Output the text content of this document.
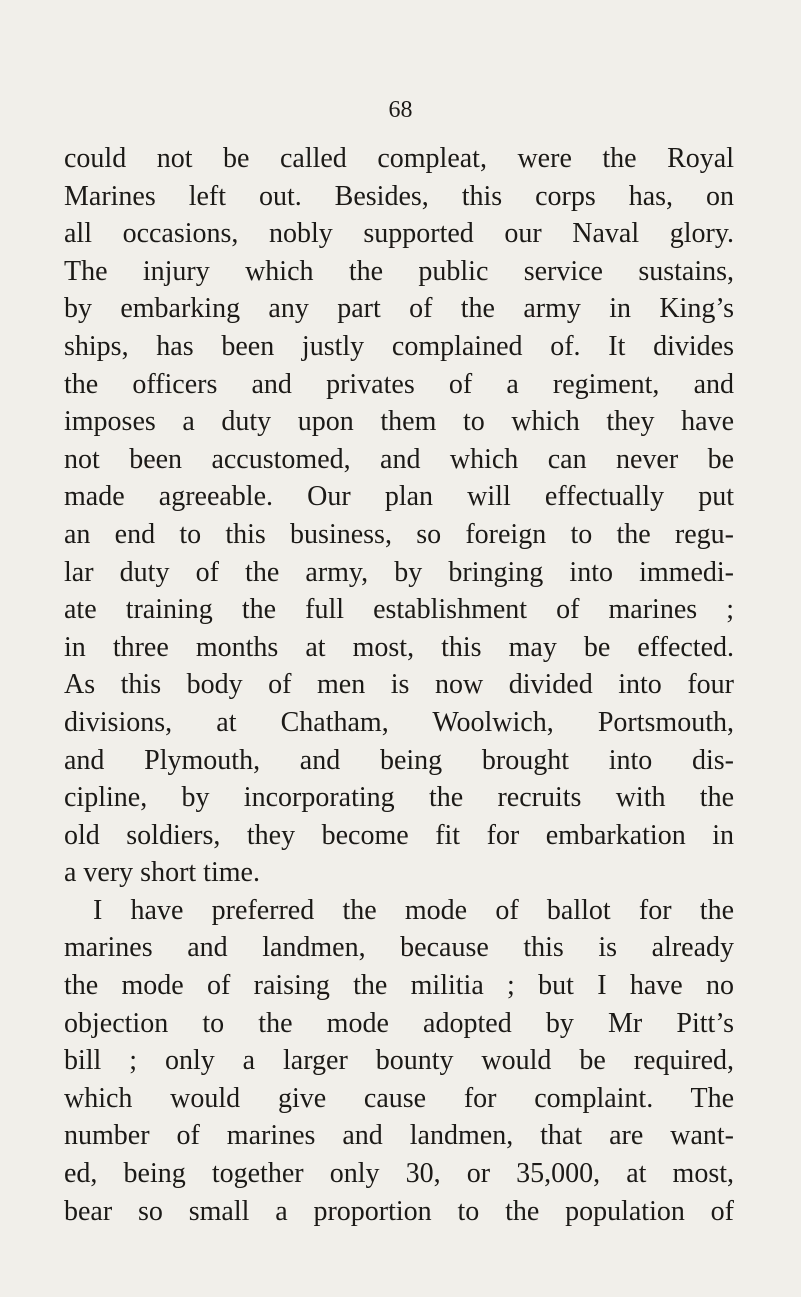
68
could not be called compleat, were the Royal
Marines left out. Besides, this corps has, on
all occasions, nobly supported our Naval glory.
The injury which the public service sustains,
by embarking any part of the army in King’s
ships, has been justly complained of. It divides
the officers and privates of a regiment, and
imposes a duty upon them to which they have
not been accustomed, and which can never be
made agreeable. Our plan will effectually put
an end to this business, so foreign to the regu-
lar duty of the army, by bringing into immedi-
ate training the full establishment of marines ;
in three months at most, this may be effected.
As this body of men is now divided into four
divisions, at Chatham, Woolwich, Portsmouth,
and Plymouth, and being brought into dis-
cipline, by incorporating the recruits with the
old soldiers, they become fit for embarkation in
a very short time.
I have preferred the mode of ballot for the
marines and landmen, because this is already
the mode of raising the militia ; but I have no
objection to the mode adopted by Mr Pitt’s
bill ; only a larger bounty would be required,
which would give cause for complaint. The
number of marines and landmen, that are want-
ed, being together only 30, or 35,000, at most,
bear so small a proportion to the population of
